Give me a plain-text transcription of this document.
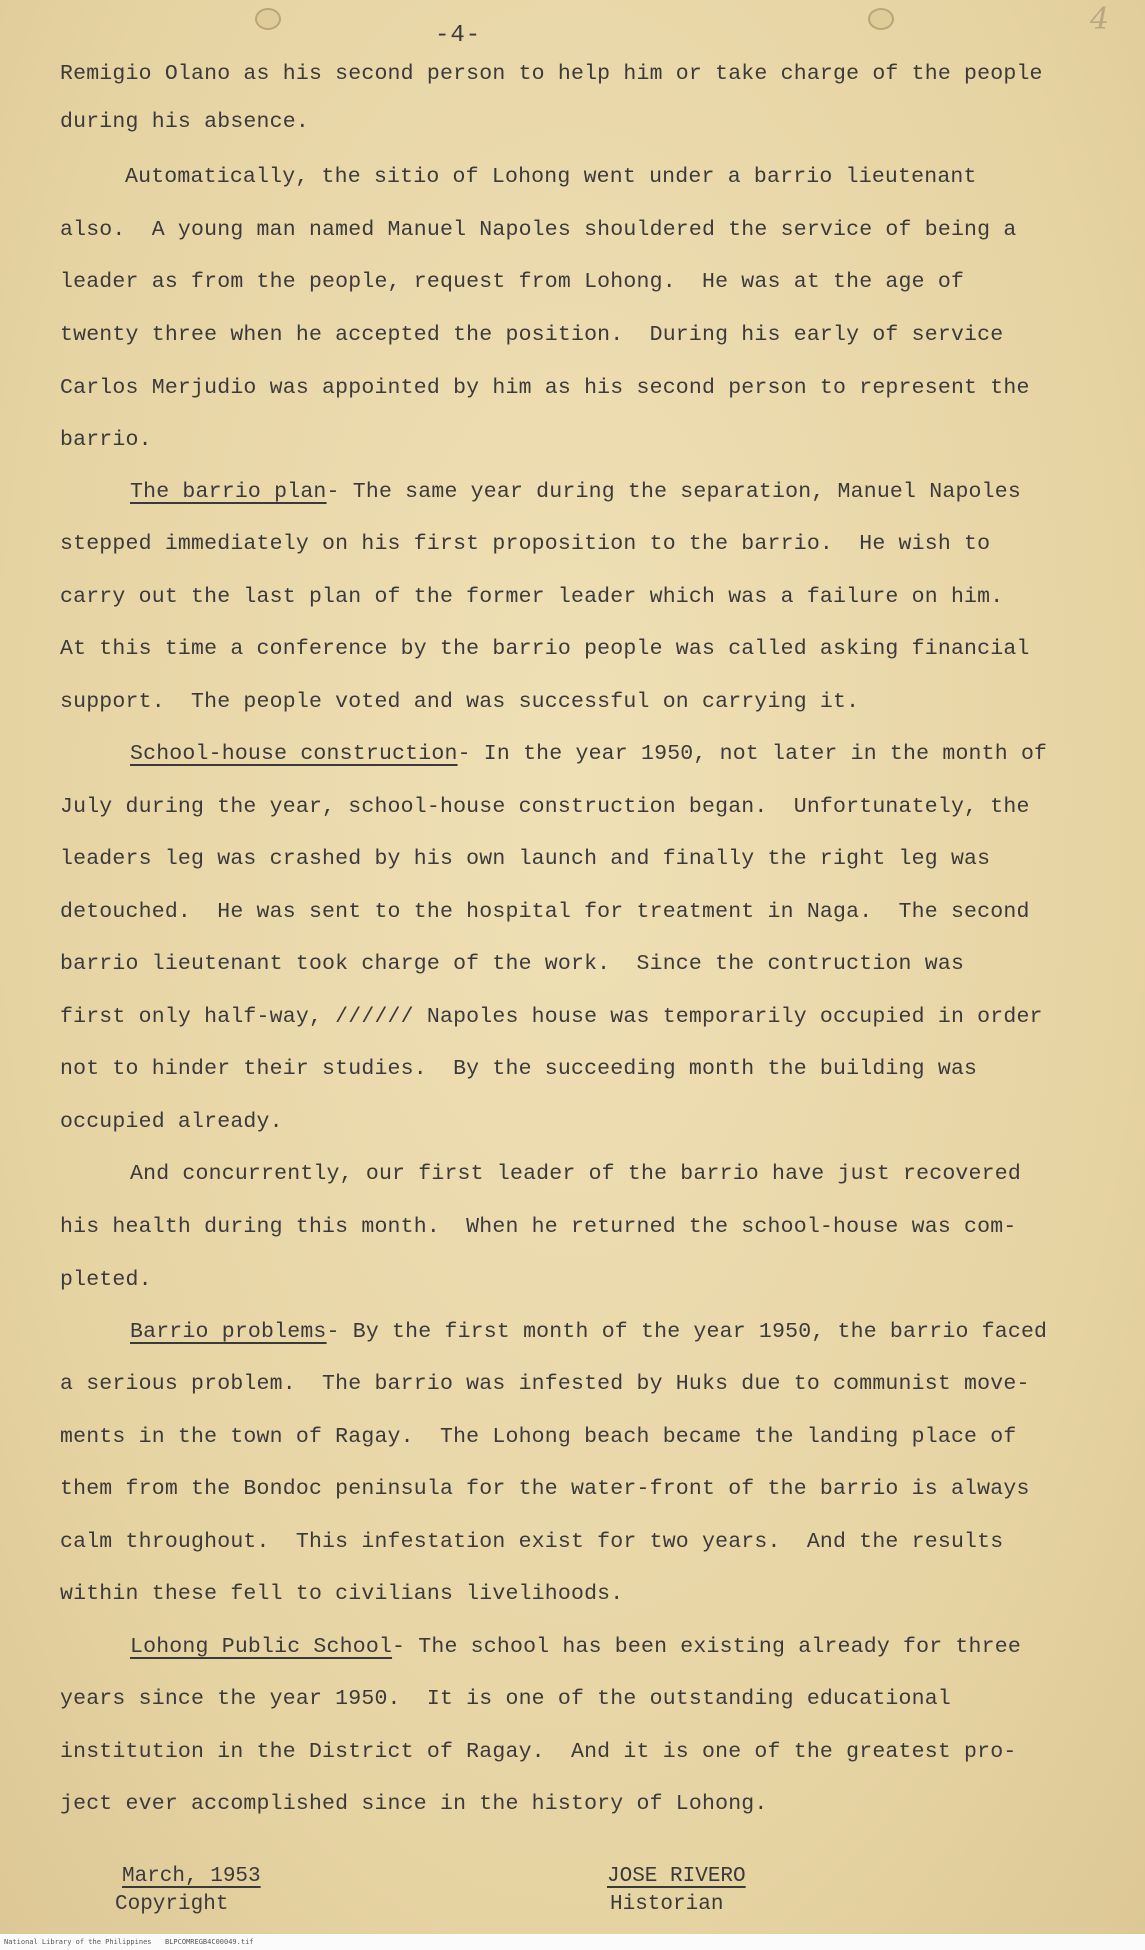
-4-	4
Remigio Olano as his second person to help him or take charge of the people
during his absence.
Automatically, the sitio of Lohong went under a barrio lieutenant
also.  A young man named Manuel Napoles shouldered the service of being a
leader as from the people, request from Lohong.  He was at the age of
twenty three when he accepted the position.  During his early of service
Carlos Merjudio was appointed by him as his second person to represent the
barrio.
The barrio plan- The same year during the separation, Manuel Napoles
stepped immediately on his first proposition to the barrio.  He wish to
carry out the last plan of the former leader which was a failure on him.
At this time a conference by the barrio people was called asking financial
support.  The people voted and was successful on carrying it.
School-house construction- In the year 1950, not later in the month of
July during the year, school-house construction began.  Unfortunately, the
leaders leg was crashed by his own launch and finally the right leg was
detouched.  He was sent to the hospital for treatment in Naga.  The second
barrio lieutenant took charge of the work.  Since the contruction was
first only half-way, ////// Napoles house was temporarily occupied in order
not to hinder their studies.  By the succeeding month the building was
occupied already.
And concurrently, our first leader of the barrio have just recovered
his health during this month.  When he returned the school-house was com-
pleted.
Barrio problems- By the first month of the year 1950, the barrio faced
a serious problem.  The barrio was infested by Huks due to communist move-
ments in the town of Ragay.  The Lohong beach became the landing place of
them from the Bondoc peninsula for the water-front of the barrio is always
calm throughout.  This infestation exist for two years.  And the results
within these fell to civilians livelihoods.
Lohong Public School- The school has been existing already for three
years since the year 1950.  It is one of the outstanding educational
institution in the District of Ragay.  And it is one of the greatest pro-
ject ever accomplished since in the history of Lohong.
March, 1953
Copyright
JOSE RIVERO
Historian
National Library of the Philippines BLPCOMREGB4C00049.tif
